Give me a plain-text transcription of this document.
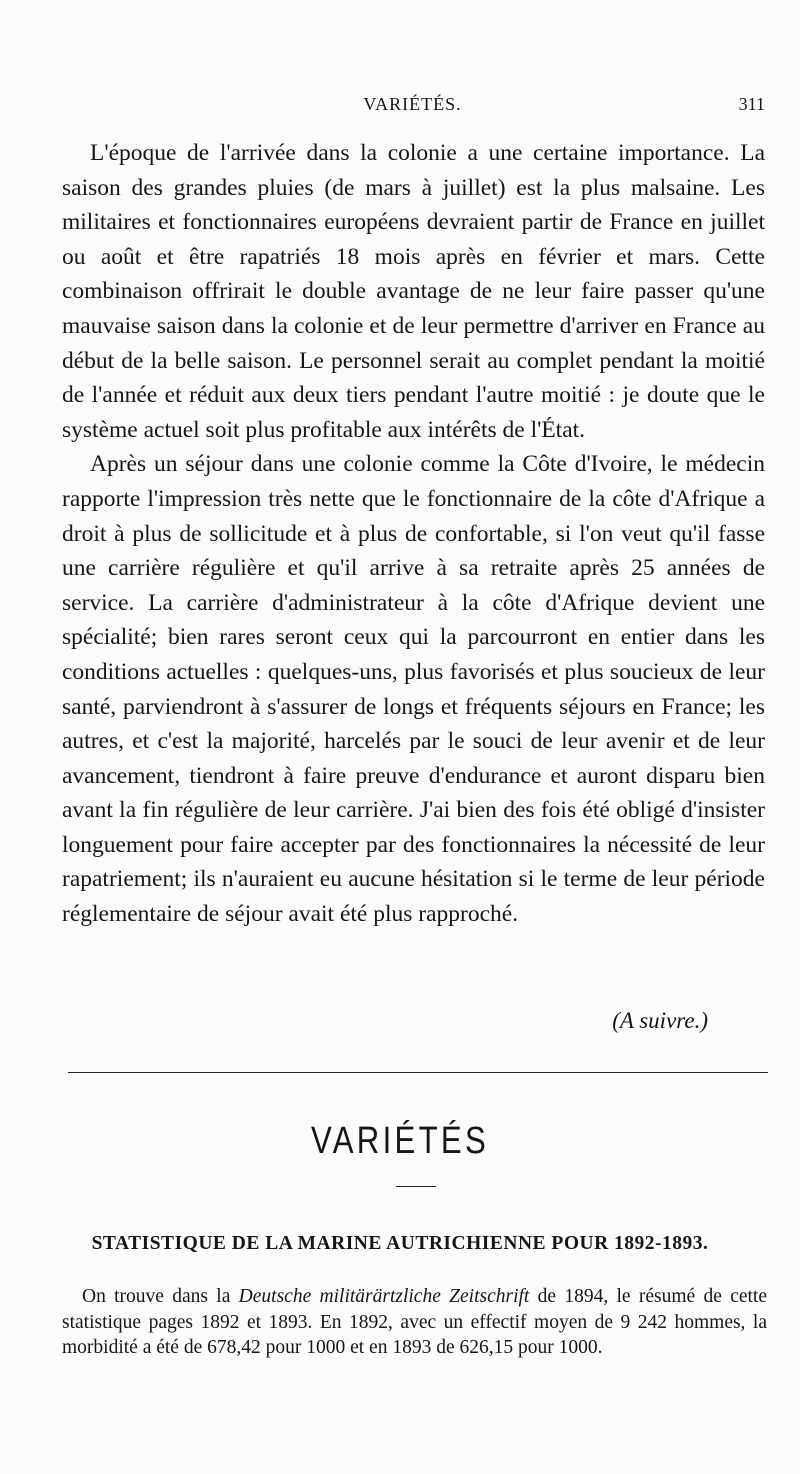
VARIÉTÉS.	311

L'époque de l'arrivée dans la colonie a une certaine importance. La saison des grandes pluies (de mars à juillet) est la plus malsaine. Les militaires et fonctionnaires européens devraient partir de France en juillet ou août et être rapatriés 18 mois après en février et mars. Cette combinaison offrirait le double avantage de ne leur faire passer qu'une mauvaise saison dans la colonie et de leur permettre d'arriver en France au début de la belle saison. Le personnel serait au complet pendant la moitié de l'année et réduit aux deux tiers pendant l'autre moitié : je doute que le système actuel soit plus profitable aux intérêts de l'État.

Après un séjour dans une colonie comme la Côte d'Ivoire, le médecin rapporte l'impression très nette que le fonctionnaire de la côte d'Afrique a droit à plus de sollicitude et à plus de confortable, si l'on veut qu'il fasse une carrière régulière et qu'il arrive à sa retraite après 25 années de service. La carrière d'administrateur à la côte d'Afrique devient une spécialité; bien rares seront ceux qui la parcourront en entier dans les conditions actuelles : quelques-uns, plus favorisés et plus soucieux de leur santé, parviendront à s'assurer de longs et fréquents séjours en France; les autres, et c'est la majorité, harcelés par le souci de leur avenir et de leur avancement, tiendront à faire preuve d'endurance et auront disparu bien avant la fin régulière de leur carrière. J'ai bien des fois été obligé d'insister longuement pour faire accepter par des fonctionnaires la nécessité de leur rapatriement; ils n'auraient eu aucune hésitation si le terme de leur période réglementaire de séjour avait été plus rapproché.

(A suivre.)
VARIÉTÉS
STATISTIQUE DE LA MARINE AUTRICHIENNE POUR 1892-1893.

On trouve dans la Deutsche militärärtzliche Zeitschrift de 1894, le résumé de cette statistique pages 1892 et 1893. En 1892, avec un effectif moyen de 9 242 hommes, la morbidité a été de 678,42 pour 1000 et en 1893 de 626,15 pour 1000.
